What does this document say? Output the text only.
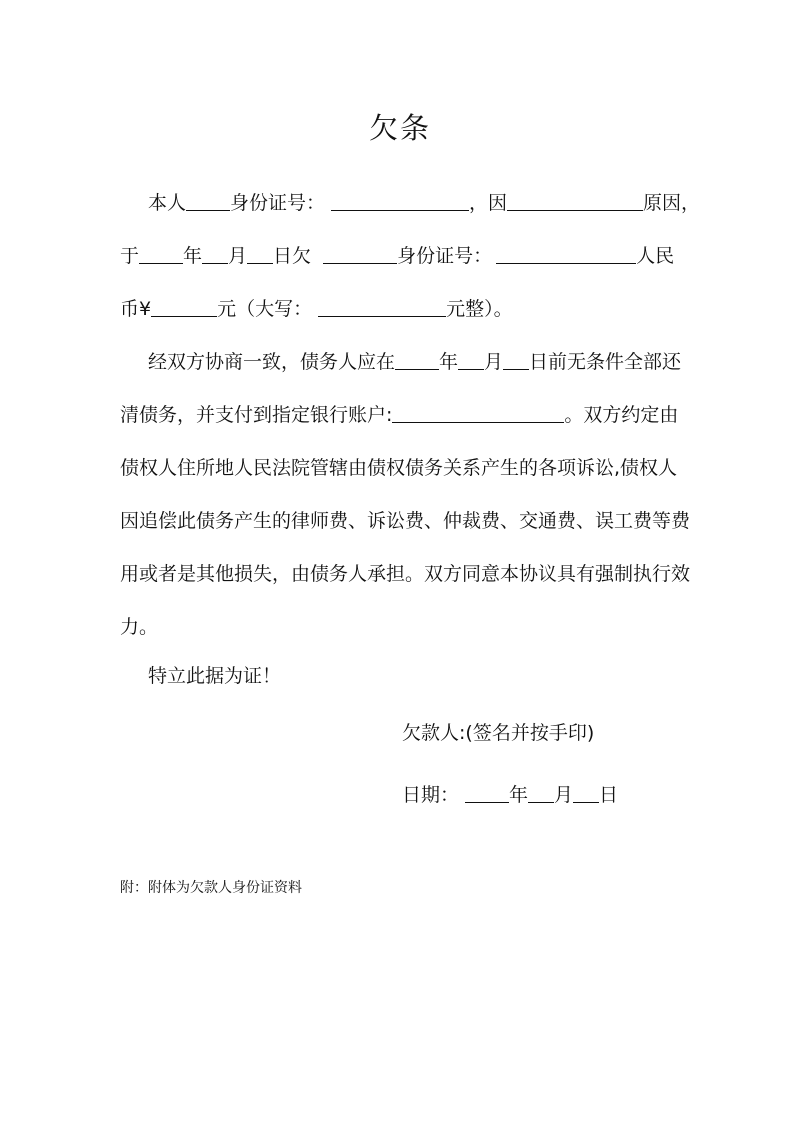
欠条
本人 身份证号：	，因	原因，
于 年 月 日欠	身份证号：	人民
币¥	元（大写：	元整）。
经双方协商一致，债务人应在 年 月 日前无条件全部还
清债务，并支付到指定银行账户:	。双方约定由
债权人住所地人民法院管辖由债权债务关系产生的各项诉讼,债权人
因追偿此债务产生的律师费、诉讼费、仲裁费、交通费、误工费等费
用或者是其他损失，由债务人承担。双方同意本协议具有强制执行效
力。
特立此据为证！
欠款人:(签名并按手印)
日期：	年 月 日
附：附体为欠款人身份证资料
